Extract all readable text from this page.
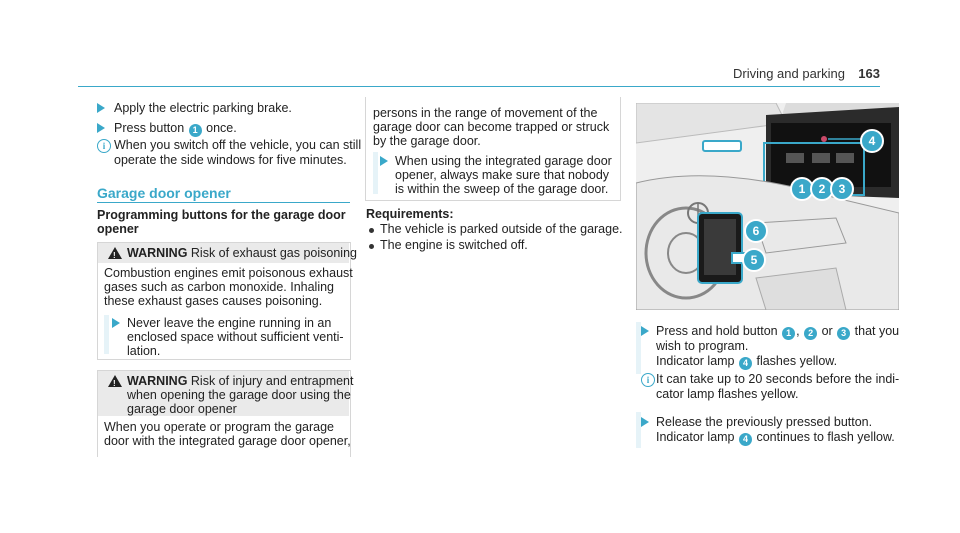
Driving and parking 163
Apply the electric parking brake.
Press button 1 once.
i When you switch off the vehicle, you can still
operate the side windows for five minutes.
Garage door opener
Programming buttons for the garage door
opener
! WARNING Risk of exhaust gas poisoning
Combustion engines emit poisonous exhaust
gases such as carbon monoxide. Inhaling
these exhaust gases causes poisoning.
Never leave the engine running in an
enclosed space without sufficient venti-
lation.
! WARNING Risk of injury and entrapment
when opening the garage door using the
garage door opener
When you operate or program the garage
door with the integrated garage door opener,
persons in the range of movement of the
garage door can become trapped or struck
by the garage door.
When using the integrated garage door
opener, always make sure that nobody
is within the sweep of the garage door.
Requirements:
The vehicle is parked outside of the garage.
The engine is switched off.
1 2 3
4
5
6
Press and hold button 1 , 2 or 3 that you
wish to program.
Indicator lamp 4 flashes yellow.
i It can take up to 20 seconds before the indi-
cator lamp flashes yellow.
Release the previously pressed button.
Indicator lamp 4 continues to flash yellow.
